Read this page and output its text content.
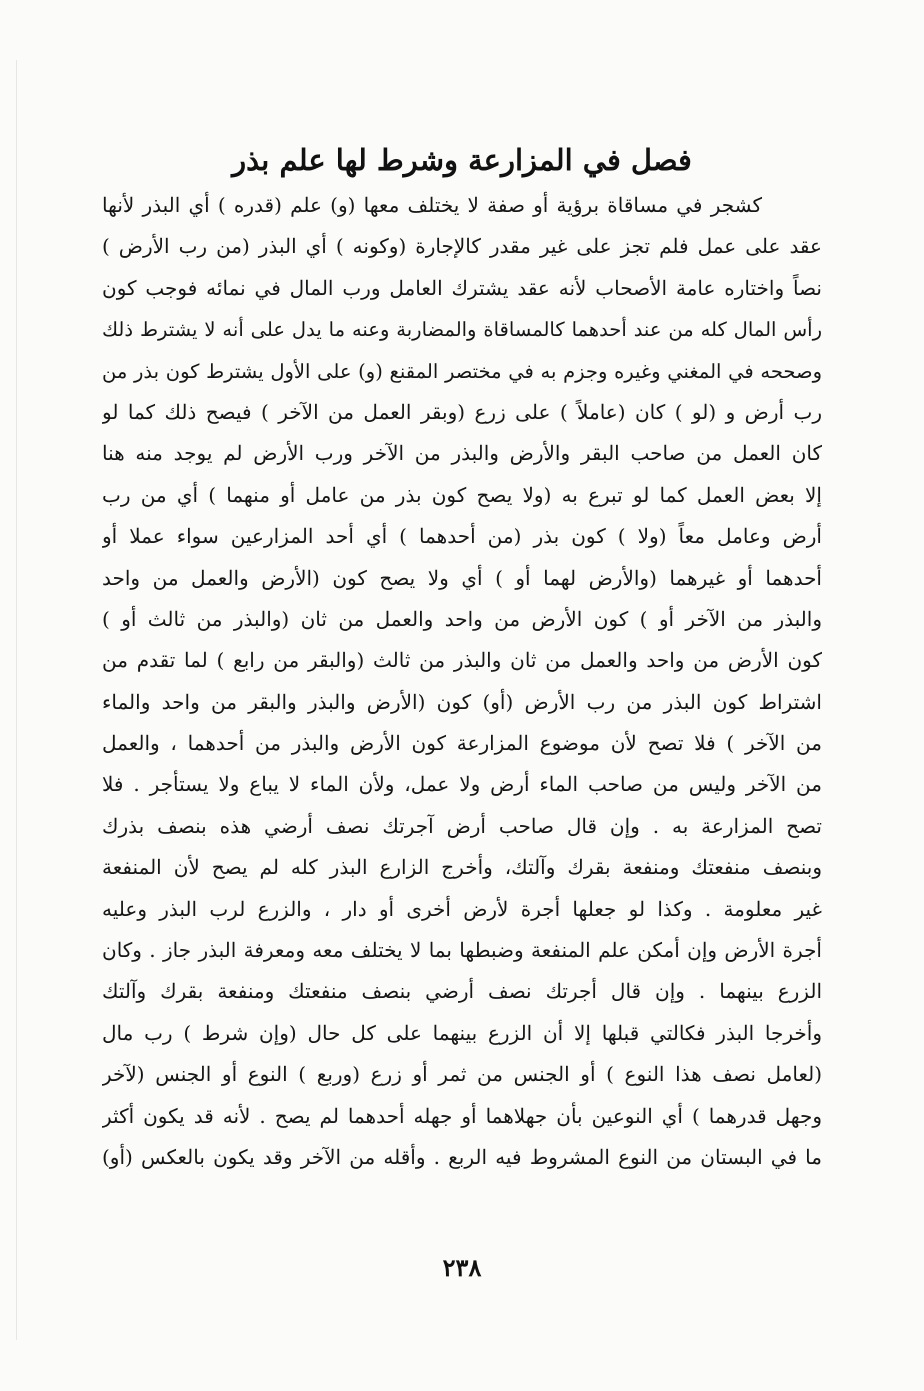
فصل في المزارعة وشرط لها علم بذر
كشجر في مساقاة برؤية أو صفة لا يختلف معها (و) علم (قدره ) أي البذر لأنها
عقد على عمل فلم تجز على غير مقدر كالإجارة (وكونه ) أي البذر (من رب الأرض )
نصاً واختاره عامة الأصحاب لأنه عقد يشترك العامل ورب المال في نمائه فوجب كون
رأس المال كله من عند أحدهما كالمساقاة والمضاربة وعنه ما يدل على أنه لا يشترط ذلك
وصححه في المغني وغيره وجزم به في مختصر المقنع (و) على الأول يشترط كون بذر من
رب أرض و (لو ) كان (عاملاً ) على زرع (وبقر العمل من الآخر ) فيصح ذلك كما لو
كان العمل من صاحب البقر والأرض والبذر من الآخر ورب الأرض لم يوجد منه هنا
إلا بعض العمل كما لو تبرع به (ولا يصح كون بذر من عامل أو منهما ) أي من رب
أرض وعامل معاً (ولا ) كون بذر (من أحدهما ) أي أحد المزارعين سواء عملا أو
أحدهما أو غيرهما (والأرض لهما أو ) أي ولا يصح كون (الأرض والعمل من واحد
والبذر من الآخر أو ) كون الأرض من واحد والعمل من ثان (والبذر من ثالث أو )
كون الأرض من واحد والعمل من ثان والبذر من ثالث (والبقر من رابع ) لما تقدم من
اشتراط كون البذر من رب الأرض (أو) كون (الأرض والبذر والبقر من واحد والماء
من الآخر ) فلا تصح لأن موضوع المزارعة كون الأرض والبذر من أحدهما ، والعمل
من الآخر وليس من صاحب الماء أرض ولا عمل، ولأن الماء لا يباع ولا يستأجر . فلا
تصح المزارعة به . وإن قال صاحب أرض آجرتك نصف أرضي هذه بنصف بذرك
وبنصف منفعتك ومنفعة بقرك وآلتك، وأخرج الزارع البذر كله لم يصح لأن المنفعة
غير معلومة . وكذا لو جعلها أجرة لأرض أخرى أو دار ، والزرع لرب البذر وعليه
أجرة الأرض وإن أمكن علم المنفعة وضبطها بما لا يختلف معه ومعرفة البذر جاز . وكان
الزرع بينهما . وإن قال أجرتك نصف أرضي بنصف منفعتك ومنفعة بقرك وآلتك
وأخرجا البذر فكالتي قبلها إلا أن الزرع بينهما على كل حال (وإن شرط ) رب مال
(لعامل نصف هذا النوع ) أو الجنس من ثمر أو زرع (وربع ) النوع أو الجنس (لآخر
وجهل قدرهما ) أي النوعين بأن جهلاهما أو جهله أحدهما لم يصح . لأنه قد يكون أكثر
ما في البستان من النوع المشروط فيه الربع . وأقله من الآخر وقد يكون بالعكس (أو)
٢٣٨
